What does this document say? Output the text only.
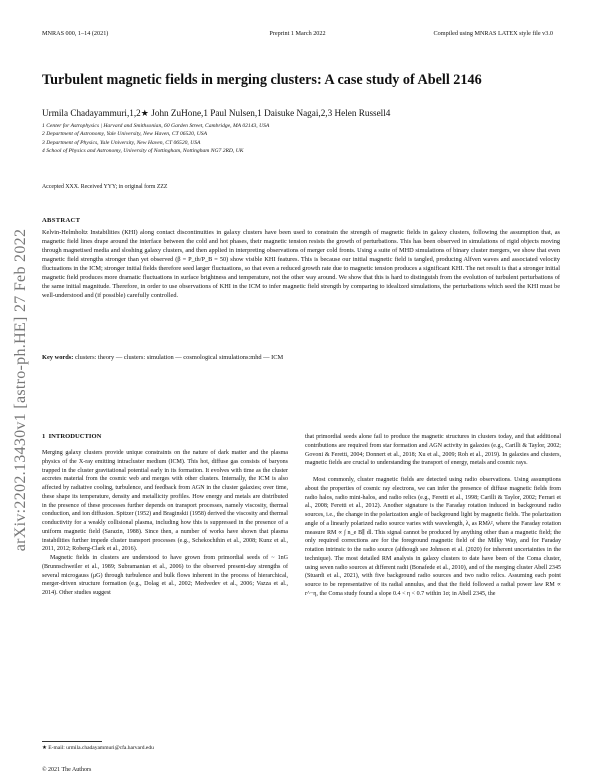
MNRAS 000, 1–14 (2021)	Preprint 1 March 2022	Compiled using MNRAS LATEX style file v3.0
arXiv:2202.13430v1 [astro-ph.HE] 27 Feb 2022
Turbulent magnetic fields in merging clusters: A case study of Abell 2146
Urmila Chadayammuri,1,2★ John ZuHone,1 Paul Nulsen,1 Daisuke Nagai,2,3 Helen Russell4
1 Center for Astrophysics | Harvard and Smithsonian, 60 Garden Street, Cambridge, MA 02143, USA
2 Department of Astronomy, Yale University, New Haven, CT 06520, USA
3 Department of Physics, Yale University, New Haven, CT 06520, USA
4 School of Physics and Astronomy, University of Nottingham, Nottingham NG7 2RD, UK
Accepted XXX. Received YYY; in original form ZZZ
ABSTRACT
Kelvin-Helmholtz Instabilities (KHI) along contact discontinuities in galaxy clusters have been used to constrain the strength of magnetic fields in galaxy clusters, following the assumption that, as magnetic field lines drape around the interface between the cold and hot phases, their magnetic tension resists the growth of perturbations. This has been observed in simulations of rigid objects moving through magnetised media and sloshing galaxy clusters, and then applied in interpreting observations of merger cold fronts. Using a suite of MHD simulations of binary cluster mergers, we show that even magnetic field strengths stronger than yet observed (β = P_th/P_B = 50) show visible KHI features. This is because our initial magnetic field is tangled, producing Alfven waves and associated velocity fluctuations in the ICM; stronger initial fields therefore seed larger fluctuations, so that even a reduced growth rate due to magnetic tension produces a significant KHI. The net result is that a stronger initial magnetic field produces more dramatic fluctuations in surface brightness and temperature, not the other way around. We show that this is hard to distinguish from the evolution of turbulent perturbations of the same initial magnitude. Therefore, in order to use observations of KHI in the ICM to infer magnetic field strength by comparing to idealized simulations, the perturbations which seed the KHI must be well-understood and (if possible) carefully controlled.
Key words: clusters: theory — clusters: simulation — cosmological simulations:mhd — ICM
1 INTRODUCTION

Merging galaxy clusters provide unique constraints on the nature of dark matter and the plasma physics of the X-ray emitting intracluster medium (ICM). This hot, diffuse gas consists of baryons trapped in the cluster gravitational potential early in its formation. It evolves with time as the cluster accretes material from the cosmic web and merges with other clusters. Internally, the ICM is also affected by radiative cooling, turbulence, and feedback from AGN in the cluster galaxies; over time, these shape its temperature, density and metallicity profiles. How energy and metals are distributed in the presence of these processes further depends on transport processes, namely viscosity, thermal conduction, and ion diffusion. Spitzer (1952) and Braginskii (1958) derived the viscosity and thermal conductivity for a weakly collisional plasma, including how this is suppressed in the presence of a uniform magnetic field (Sarazin, 1988). Since then, a number of works have shown that plasma instabilities further impede cluster transport processes (e.g., Schekochihin et al., 2008; Kunz et al., 2011, 2012; Roberg-Clark et al., 2016).

Magnetic fields in clusters are understood to have grown from primordial seeds of ~ 1nG (Brunnschweiler et al., 1989; Subramanian et al., 2006) to the observed present-day strengths of several microgauss (μG) through turbulence and bulk flows inherent in the process of hierarchical, merger-driven structure formation (e.g., Dolag et al., 2002; Medvedev et al., 2006; Vazza et al., 2014). Other studies suggest

that primordial seeds alone fail to produce the magnetic structures in clusters today, and that additional contributions are required from star formation and AGN activity in galaxies (e.g., Carilli & Taylor, 2002; Govoni & Feretti, 2004; Donnert et al., 2018; Xu et al., 2009; Roh et al., 2019). In galaxies and clusters, magnetic fields are crucial to understanding the transport of energy, metals and cosmic rays.

Most commonly, cluster magnetic fields are detected using radio observations. Using assumptions about the properties of cosmic ray electrons, we can infer the presence of diffuse magnetic fields from radio halos, radio mini-halos, and radio relics (e.g., Feretti et al., 1998; Carilli & Taylor, 2002; Ferrari et al., 2008; Feretti et al., 2012). Another signature is the Faraday rotation induced in background radio sources, i.e., the change in the polarization angle of background light by magnetic fields. The polarization angle of a linearly polarized radio source varies with wavelength, λ, as RMλ², where the Faraday rotation measure RM ∝ ∫ n_e B∥ dl. This signal cannot be produced by anything other than a magnetic field; the only required corrections are for the foreground magnetic field of the Milky Way, and for Faraday rotation intrinsic to the radio source (although see Johnson et al. (2020) for inherent uncertainties in the technique). The most detailed RM analysis in galaxy clusters to date have been of the Coma cluster, using seven radio sources at different radii (Bonafede et al., 2010), and of the merging cluster Abell 2345 (Stuardi et al., 2021), with five background radio sources and two radio relics. Assuming each point source to be representative of its radial annulus, and that the field followed a radial power law RM ∝ r^−η, the Coma study found a slope 0.4 < η < 0.7 within 1σ; in Abell 2345, the

★ E-mail: urmila.chadayammuri@cfa.harvard.edu
© 2021 The Authors
